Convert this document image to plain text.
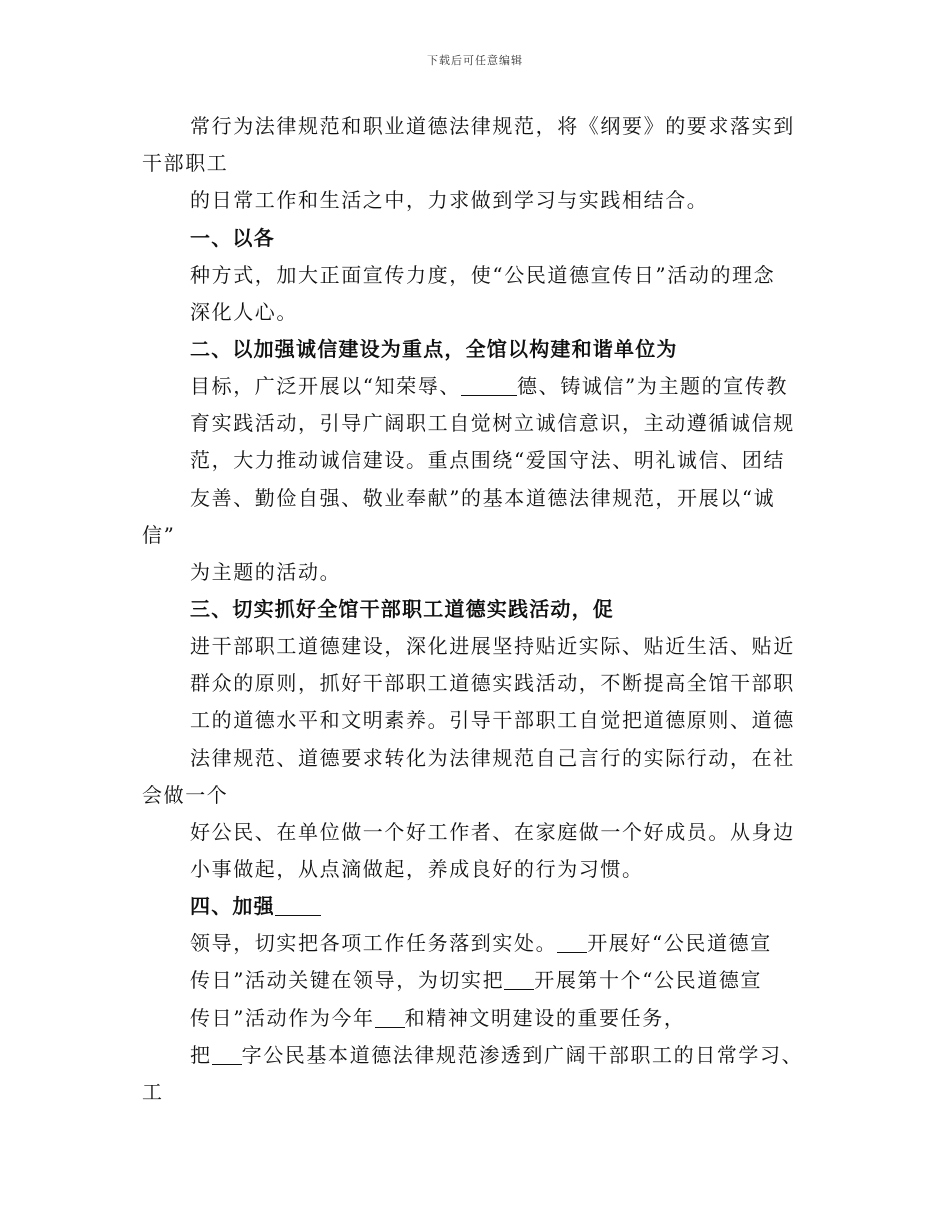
下载后可任意编辑
常行为法律规范和职业道德法律规范，将《纲要》的要求落实到
干部职工
的日常工作和生活之中，力求做到学习与实践相结合。
一、以各
种方式，加大正面宣传力度，使“公民道德宣传日”活动的理念
深化人心。
二、以加强诚信建设为重点，全馆以构建和谐单位为
目标，广泛开展以“知荣辱、	德、铸诚信”为主题的宣传教
育实践活动，引导广阔职工自觉树立诚信意识，主动遵循诚信规
范，大力推动诚信建设。重点围绕“爱国守法、明礼诚信、团结
友善、勤俭自强、敬业奉献”的基本道德法律规范，开展以“诚
信”
为主题的活动。
三、切实抓好全馆干部职工道德实践活动，促
进干部职工道德建设，深化进展坚持贴近实际、贴近生活、贴近
群众的原则，抓好干部职工道德实践活动，不断提高全馆干部职
工的道德水平和文明素养。引导干部职工自觉把道德原则、道德
法律规范、道德要求转化为法律规范自己言行的实际行动，在社
会做一个
好公民、在单位做一个好工作者、在家庭做一个好成员。从身边
小事做起，从点滴做起，养成良好的行为习惯。
四、加强
领导，切实把各项工作任务落到实处。 开展好“公民道德宣
传日”活动关键在领导，为切实把 开展第十个“公民道德宣
传日”活动作为今年 和精神文明建设的重要任务，
把 字公民基本道德法律规范渗透到广阔干部职工的日常学习、
工
